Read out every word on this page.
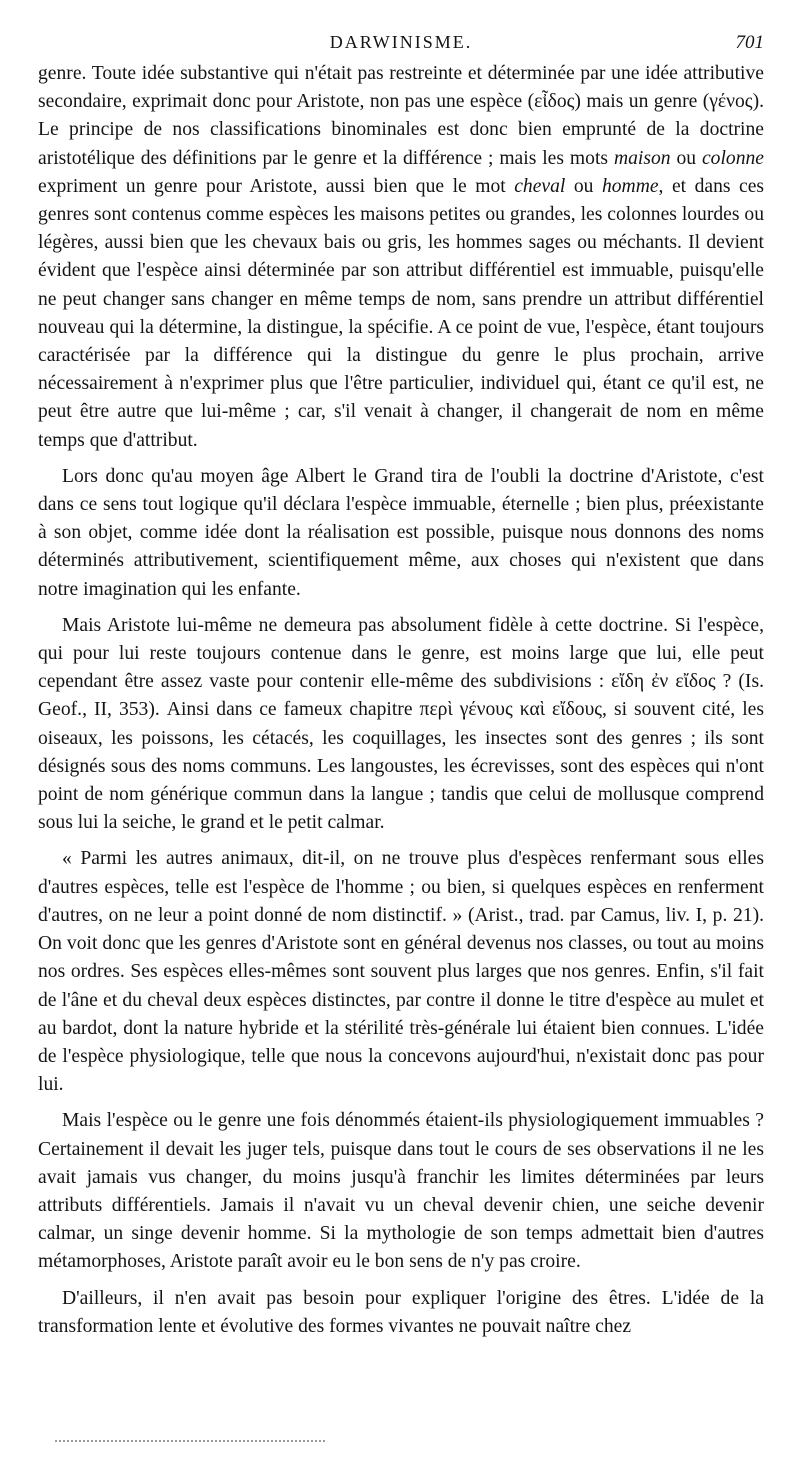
DARWINISME.	701

genre. Toute idée substantive qui n'était pas restreinte et déterminée par une idée attributive secondaire, exprimait donc pour Aristote, non pas une espèce (εἶδος) mais un genre (γένος). Le principe de nos classifications binominales est donc bien emprunté de la doctrine aristotélique des définitions par le genre et la différence ; mais les mots maison ou colonne expriment un genre pour Aristote, aussi bien que le mot cheval ou homme, et dans ces genres sont contenus comme espèces les maisons petites ou grandes, les colonnes lourdes ou légères, aussi bien que les chevaux bais ou gris, les hommes sages ou méchants. Il devient évident que l'espèce ainsi déterminée par son attribut différentiel est immuable, puisqu'elle ne peut changer sans changer en même temps de nom, sans prendre un attribut différentiel nouveau qui la détermine, la distingue, la spécifie. A ce point de vue, l'espèce, étant toujours caractérisée par la différence qui la distingue du genre le plus prochain, arrive nécessairement à n'exprimer plus que l'être particulier, individuel qui, étant ce qu'il est, ne peut être autre que lui-même ; car, s'il venait à changer, il changerait de nom en même temps que d'attribut.

Lors donc qu'au moyen âge Albert le Grand tira de l'oubli la doctrine d'Aristote, c'est dans ce sens tout logique qu'il déclara l'espèce immuable, éternelle ; bien plus, préexistante à son objet, comme idée dont la réalisation est possible, puisque nous donnons des noms déterminés attributivement, scientifiquement même, aux choses qui n'existent que dans notre imagination qui les enfante.

Mais Aristote lui-même ne demeura pas absolument fidèle à cette doctrine. Si l'espèce, qui pour lui reste toujours contenue dans le genre, est moins large que lui, elle peut cependant être assez vaste pour contenir elle-même des subdivisions : εἴδη ἐν εἴδος ? (Is. Geof., II, 353). Ainsi dans ce fameux chapitre περὶ γένους καὶ εἴδους, si souvent cité, les oiseaux, les poissons, les cétacés, les coquillages, les insectes sont des genres ; ils sont désignés sous des noms communs. Les langoustes, les écrevisses, sont des espèces qui n'ont point de nom générique commun dans la langue ; tandis que celui de mollusque comprend sous lui la seiche, le grand et le petit calmar.

« Parmi les autres animaux, dit-il, on ne trouve plus d'espèces renfermant sous elles d'autres espèces, telle est l'espèce de l'homme ; ou bien, si quelques espèces en renferment d'autres, on ne leur a point donné de nom distinctif. » (Arist., trad. par Camus, liv. I, p. 21). On voit donc que les genres d'Aristote sont en général devenus nos classes, ou tout au moins nos ordres. Ses espèces elles-mêmes sont souvent plus larges que nos genres. Enfin, s'il fait de l'âne et du cheval deux espèces distinctes, par contre il donne le titre d'espèce au mulet et au bardot, dont la nature hybride et la stérilité très-générale lui étaient bien connues. L'idée de l'espèce physiologique, telle que nous la concevons aujourd'hui, n'existait donc pas pour lui.

Mais l'espèce ou le genre une fois dénommés étaient-ils physiologiquement immuables ? Certainement il devait les juger tels, puisque dans tout le cours de ses observations il ne les avait jamais vus changer, du moins jusqu'à franchir les limites déterminées par leurs attributs différentiels. Jamais il n'avait vu un cheval devenir chien, une seiche devenir calmar, un singe devenir homme. Si la mythologie de son temps admettait bien d'autres métamorphoses, Aristote paraît avoir eu le bon sens de n'y pas croire.

D'ailleurs, il n'en avait pas besoin pour expliquer l'origine des êtres. L'idée de la transformation lente et évolutive des formes vivantes ne pouvait naître chez
